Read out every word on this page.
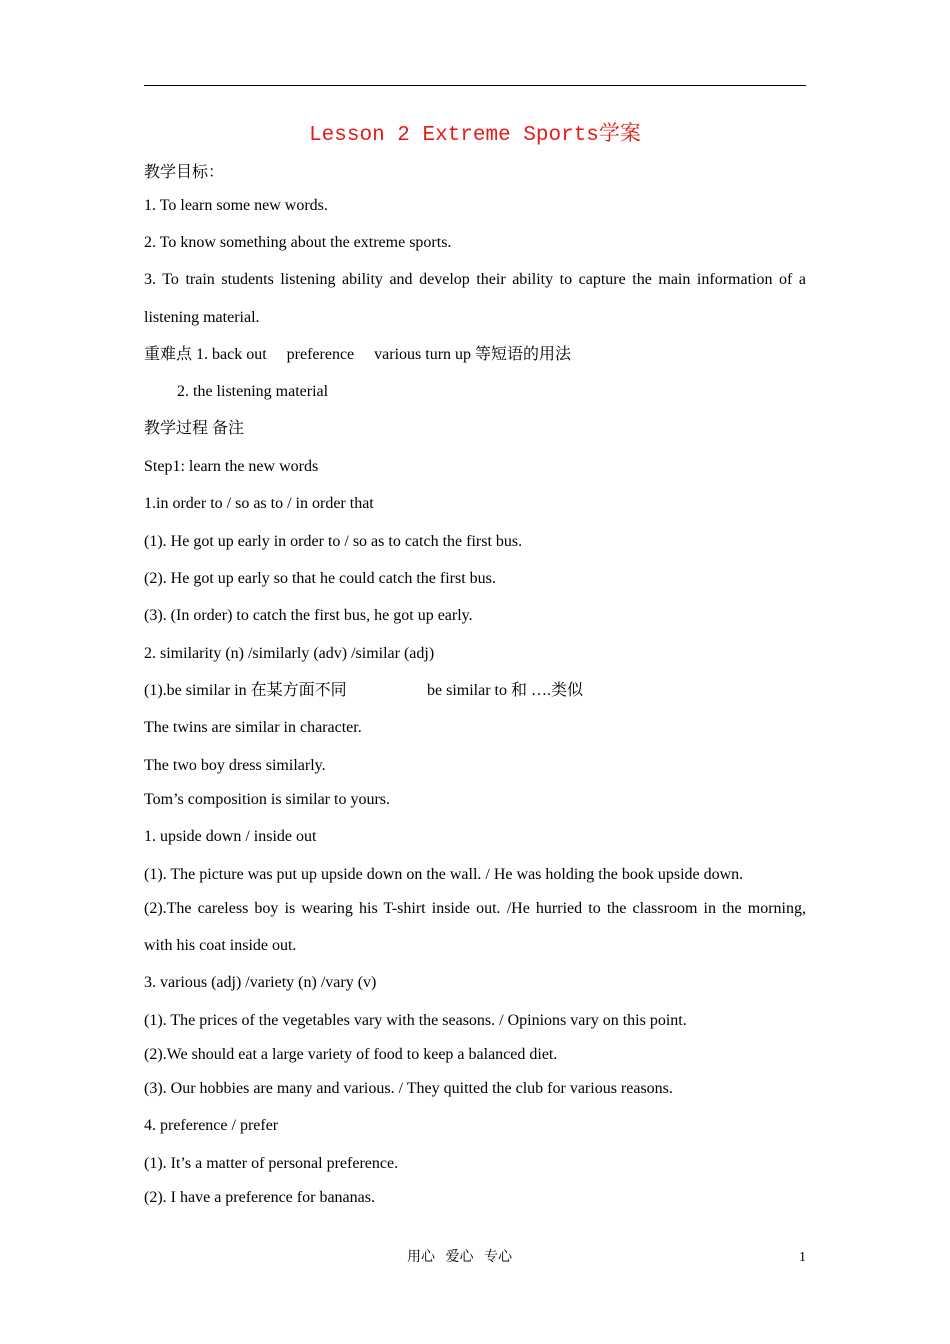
Lesson 2 Extreme Sports学案
教学目标：
1. To learn some new words.
2. To know something about the extreme sports.
3. To train students listening ability and develop their ability to capture the main information of a
listening material.
重难点 1. back out     preference     various turn up 等短语的用法
2. the listening material
教学过程 备注
Step1: learn the new words
1.in order to / so as to / in order that
(1). He got up early in order to / so as to catch the first bus.
(2). He got up early so that he could catch the first bus.
(3). (In order) to catch the first bus, he got up early.
2. similarity (n) /similarly (adv) /similar (adj)
(1).be similar in 在某方面不同	be similar to 和 ….类似
The twins are similar in character.
The two boy dress similarly.
Tom’s composition is similar to yours.
1. upside down / inside out
(1). The picture was put up upside down on the wall. / He was holding the book upside down.
(2).The careless boy is wearing his T-shirt inside out. /He hurried to the classroom in the morning,
with his coat inside out.
3. various (adj) /variety (n) /vary (v)
(1). The prices of the vegetables vary with the seasons. / Opinions vary on this point.
(2).We should eat a large variety of food to keep a balanced diet.
(3). Our hobbies are many and various. / They quitted the club for various reasons.
4. preference / prefer
(1). It’s a matter of personal preference.
(2). I have a preference for bananas.
用心   爱心   专心	1
